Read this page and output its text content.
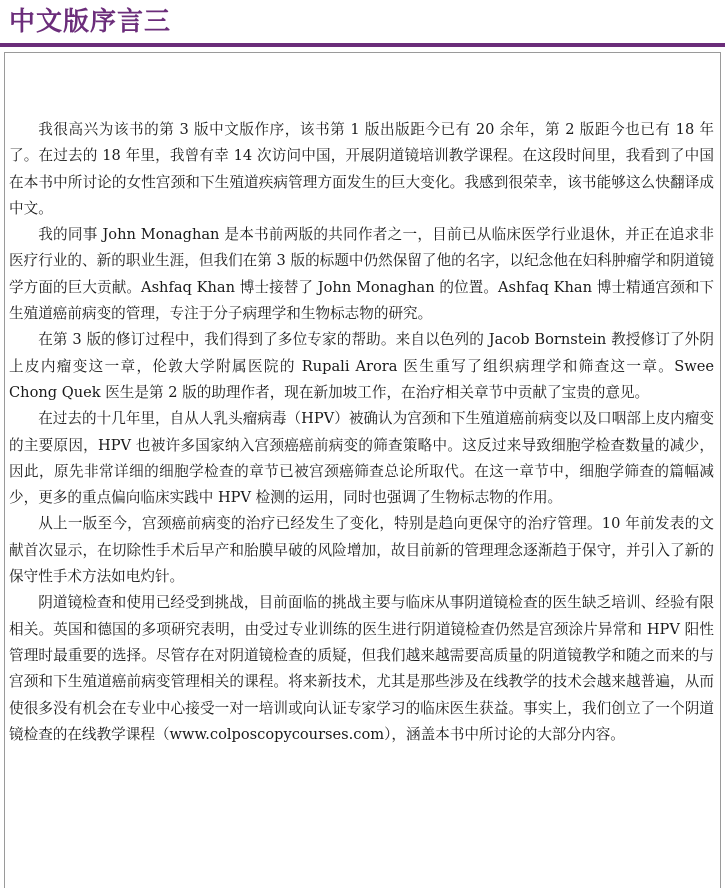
中文版序言三

我很高兴为该书的第 3 版中文版作序，该书第 1 版出版距今已有 20 余年，第 2 版距今也已有 18 年了。在过去的 18 年里，我曾有幸 14 次访问中国，开展阴道镜培训教学课程。在这段时间里，我看到了中国在本书中所讨论的女性宫颈和下生殖道疾病管理方面发生的巨大变化。我感到很荣幸，该书能够这么快翻译成中文。

我的同事 John Monaghan 是本书前两版的共同作者之一，目前已从临床医学行业退休，并正在追求非医疗行业的、新的职业生涯，但我们在第 3 版的标题中仍然保留了他的名字，以纪念他在妇科肿瘤学和阴道镜学方面的巨大贡献。Ashfaq Khan 博士接替了 John Monaghan 的位置。Ashfaq Khan 博士精通宫颈和下生殖道癌前病变的管理，专注于分子病理学和生物标志物的研究。

在第 3 版的修订过程中，我们得到了多位专家的帮助。来自以色列的 Jacob Bornstein 教授修订了外阴上皮内瘤变这一章，伦敦大学附属医院的 Rupali Arora 医生重写了组织病理学和筛查这一章。Swee Chong Quek 医生是第 2 版的助理作者，现在新加坡工作，在治疗相关章节中贡献了宝贵的意见。

在过去的十几年里，自从人乳头瘤病毒（HPV）被确认为宫颈和下生殖道癌前病变以及口咽部上皮内瘤变的主要原因，HPV 也被许多国家纳入宫颈癌癌前病变的筛查策略中。这反过来导致细胞学检查数量的减少，因此，原先非常详细的细胞学检查的章节已被宫颈癌筛查总论所取代。在这一章节中，细胞学筛查的篇幅减少，更多的重点偏向临床实践中 HPV 检测的运用，同时也强调了生物标志物的作用。

从上一版至今，宫颈癌前病变的治疗已经发生了变化，特别是趋向更保守的治疗管理。10 年前发表的文献首次显示，在切除性手术后早产和胎膜早破的风险增加，故目前新的管理理念逐渐趋于保守，并引入了新的保守性手术方法如电灼针。

阴道镜检查和使用已经受到挑战，目前面临的挑战主要与临床从事阴道镜检查的医生缺乏培训、经验有限相关。英国和德国的多项研究表明，由受过专业训练的医生进行阴道镜检查仍然是宫颈涂片异常和 HPV 阳性管理时最重要的选择。尽管存在对阴道镜检查的质疑，但我们越来越需要高质量的阴道镜教学和随之而来的与宫颈和下生殖道癌前病变管理相关的课程。将来新技术，尤其是那些涉及在线教学的技术会越来越普遍，从而使很多没有机会在专业中心接受一对一培训或向认证专家学习的临床医生获益。事实上，我们创立了一个阴道镜检查的在线教学课程（www.colposcopycourses.com），涵盖本书中所讨论的大部分内容。
